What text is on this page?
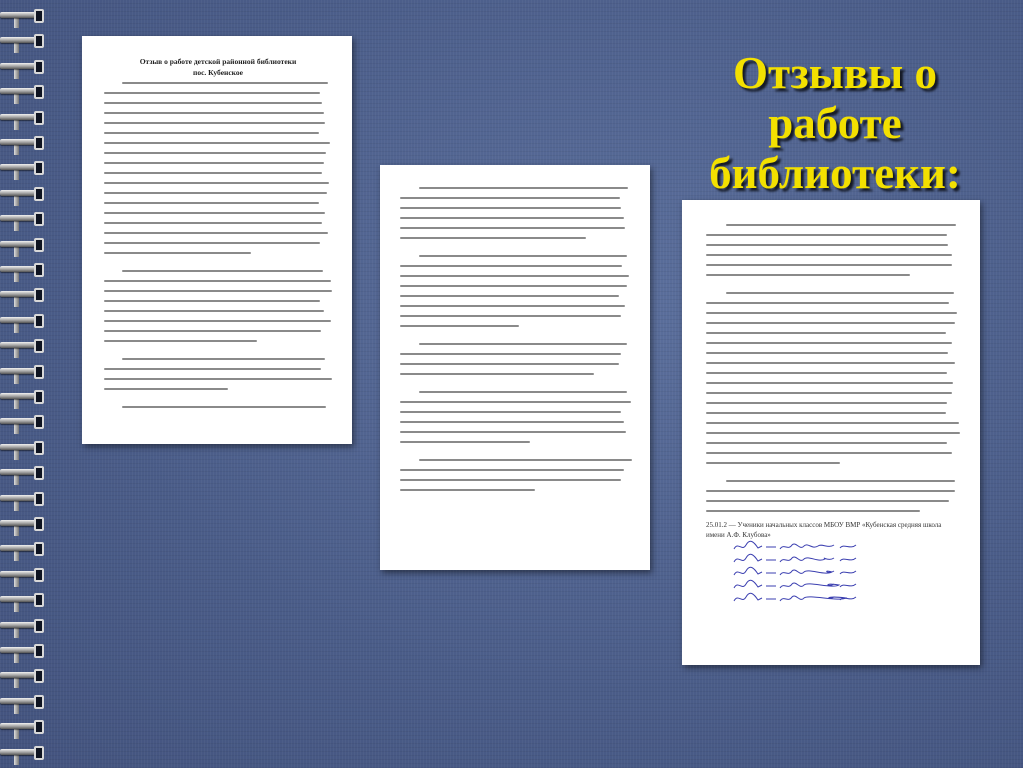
Отзывы о
работе
библиотеки:
Отзыв о работе детской районной библиотеки
пос. Кубенское
25.01.2 — Ученики начальных классов МБОУ ВМР «Кубенская средняя школа имени А.Ф. Клубова»
